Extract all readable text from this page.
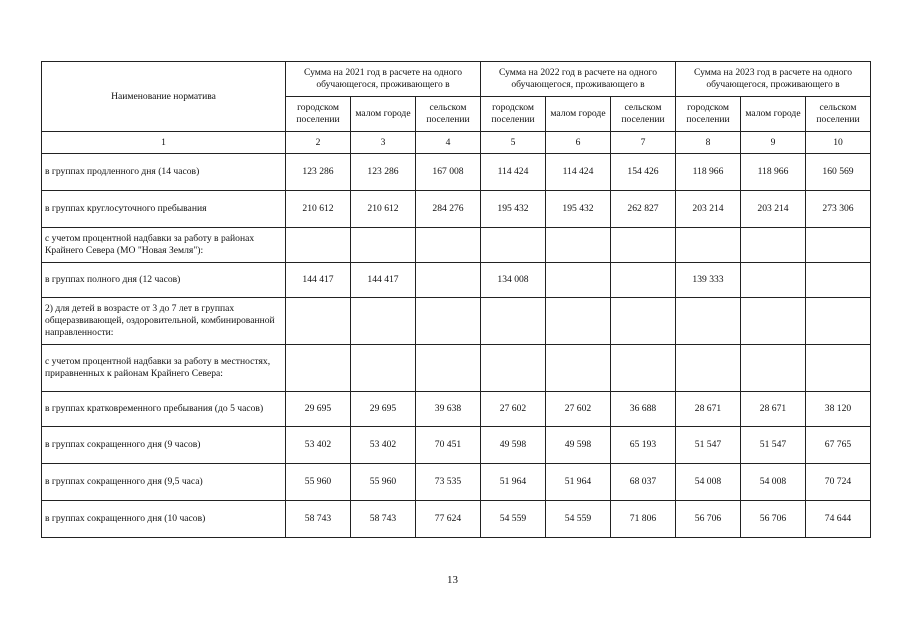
Наименование норматива	Сумма на 2021 год в расчете на одного обучающегося, проживающего в			Сумма на 2022 год в расчете на одного обучающегося, проживающего в			Сумма на 2023 год в расчете на одного обучающегося, проживающего в		
	городском поселении	малом городе	сельском поселении	городском поселении	малом городе	сельском поселении	городском поселении	малом городе	сельском поселении
1	2	3	4	5	6	7	8	9	10
в группах продленного дня (14 часов)	123 286	123 286	167 008	114 424	114 424	154 426	118 966	118 966	160 569
в группах круглосуточного пребывания	210 612	210 612	284 276	195 432	195 432	262 827	203 214	203 214	273 306
с учетом процентной надбавки за работу в районах Крайнего Севера (МО "Новая Земля"):									
в группах полного дня (12 часов)	144 417	144 417		134 008			139 333		
2) для детей в возрасте от 3 до 7 лет в группах общеразвивающей, оздоровительной, комбинированной направленности:									
с учетом процентной надбавки за работу в местностях, приравненных к районам Крайнего Севера:									
в группах кратковременного пребывания (до 5 часов)	29 695	29 695	39 638	27 602	27 602	36 688	28 671	28 671	38 120
в группах сокращенного дня (9 часов)	53 402	53 402	70 451	49 598	49 598	65 193	51 547	51 547	67 765
в группах сокращенного дня (9,5 часа)	55 960	55 960	73 535	51 964	51 964	68 037	54 008	54 008	70 724
в группах сокращенного дня (10 часов)	58 743	58 743	77 624	54 559	54 559	71 806	56 706	56 706	74 644
13
